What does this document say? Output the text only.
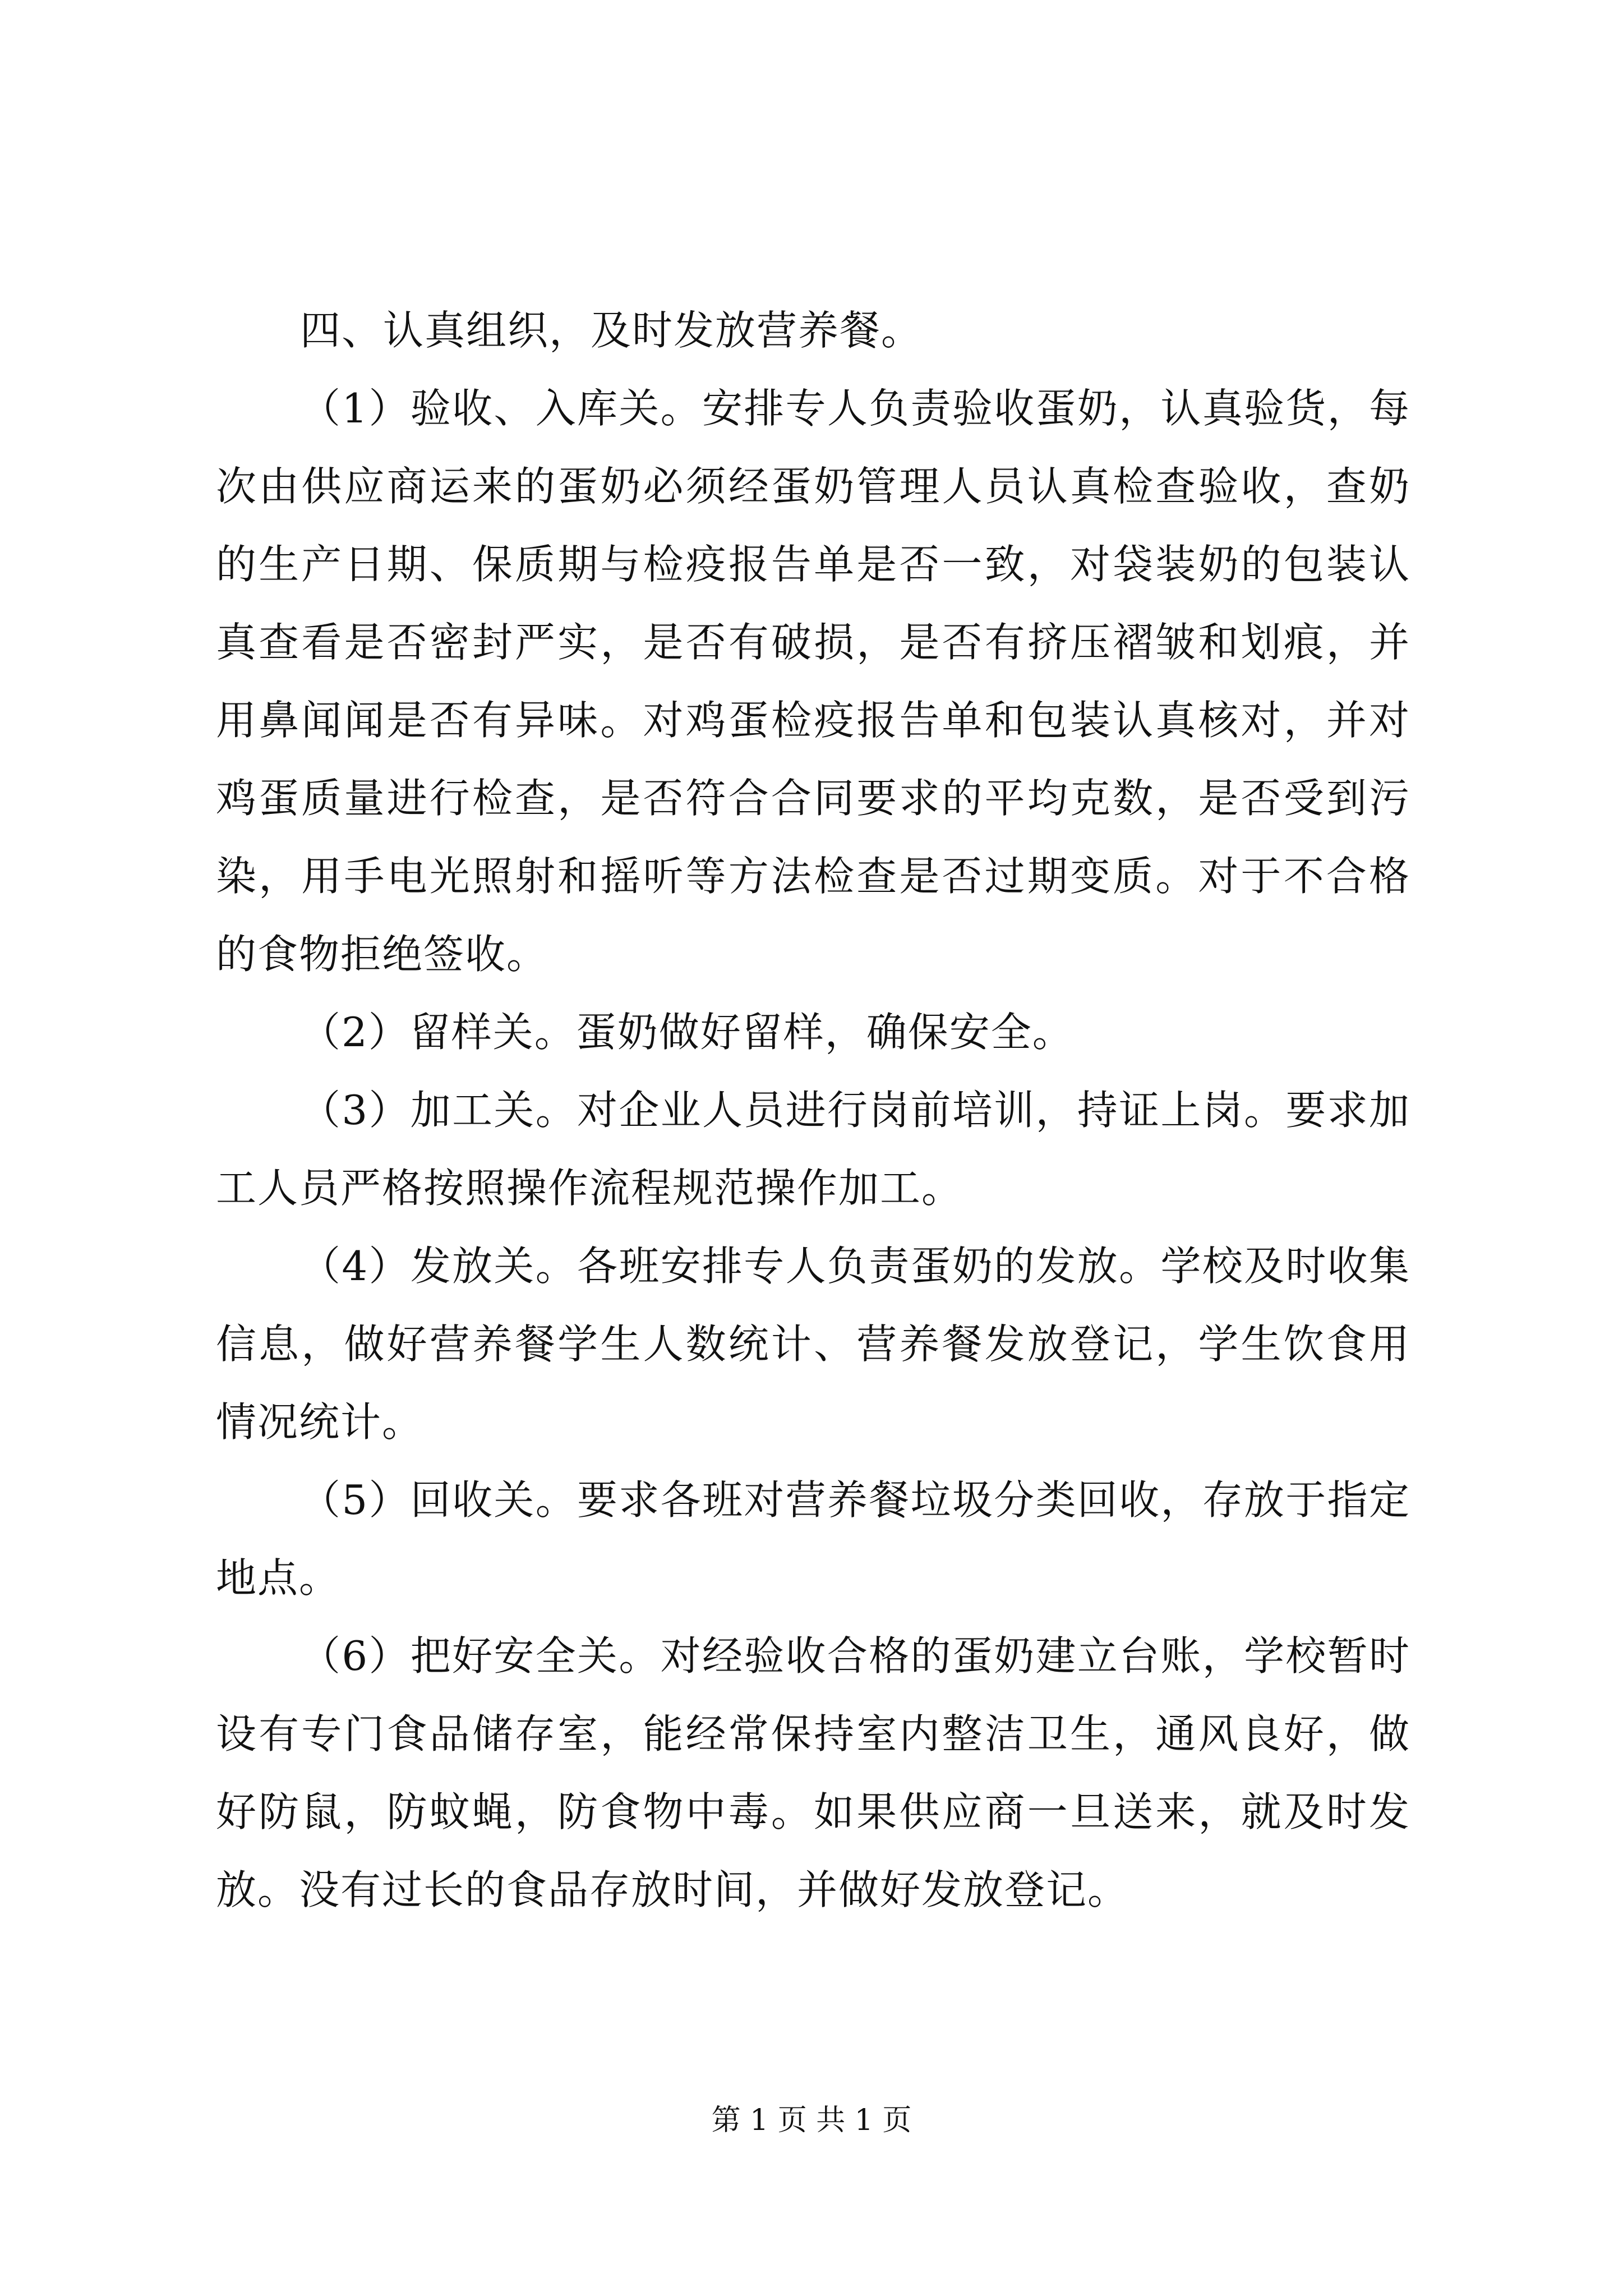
四、认真组织，及时发放营养餐。

（1）验收、入库关。安排专人负责验收蛋奶，认真验货，每次由供应商运来的蛋奶必须经蛋奶管理人员认真检查验收，查奶的生产日期、保质期与检疫报告单是否一致，对袋装奶的包装认真查看是否密封严实，是否有破损，是否有挤压褶皱和划痕，并用鼻闻闻是否有异味。对鸡蛋检疫报告单和包装认真核对，并对鸡蛋质量进行检查，是否符合合同要求的平均克数，是否受到污染，用手电光照射和摇听等方法检查是否过期变质。对于不合格的食物拒绝签收。

（2）留样关。蛋奶做好留样，确保安全。

（3）加工关。对企业人员进行岗前培训，持证上岗。要求加工人员严格按照操作流程规范操作加工。

（4）发放关。各班安排专人负责蛋奶的发放。学校及时收集信息，做好营养餐学生人数统计、营养餐发放登记，学生饮食用情况统计。

（5）回收关。要求各班对营养餐垃圾分类回收，存放于指定地点。

（6）把好安全关。对经验收合格的蛋奶建立台账，学校暂时设有专门食品储存室，能经常保持室内整洁卫生，通风良好，做好防鼠，防蚊蝇，防食物中毒。如果供应商一旦送来，就及时发放。没有过长的食品存放时间，并做好发放登记。

第 1 页 共 1 页
